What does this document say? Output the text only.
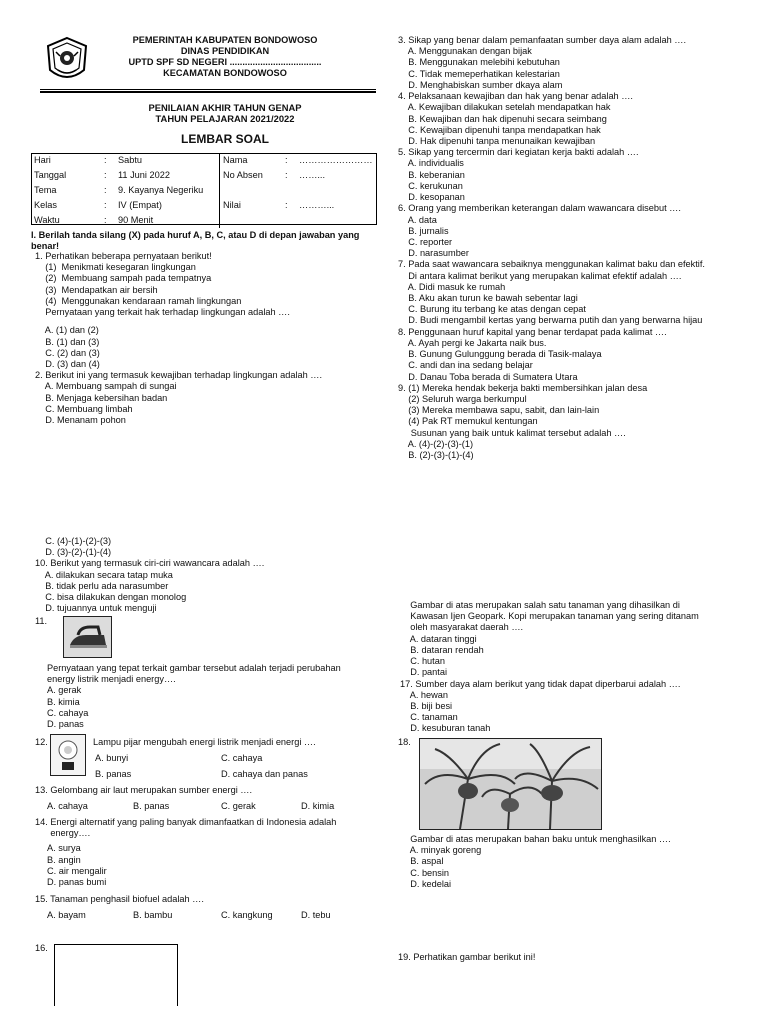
PEMERINTAH KABUPATEN BONDOWOSO
DINAS PENDIDIKAN
UPTD SPF SD NEGERI ....................................
KECAMATAN BONDOWOSO
PENILAIAN AKHIR TAHUN GENAP
TAHUN PELAJARAN 2021/2022
LEMBAR SOAL
Hari	:	Sabtu	Nama	:	……………………
Tanggal	:	11 Juni 2022	No Absen	:	……...
Tema	:	9. Kayanya Negeriku			
Kelas	:	IV (Empat)	Nilai	:	………...
Waktu	:	90 Menit			
I. Berilah tanda silang (X) pada huruf A, B, C, atau D di depan jawaban yang benar!
1. Perhatikan beberapa pernyataan berikut!
(1)  Menikmati kesegaran lingkungan
(2)  Membuang sampah pada tempatnya
(3)  Mendapatkan air bersih
(4)  Menggunakan kendaraan ramah lingkungan
Pernyataan yang terkait hak terhadap lingkungan adalah ….
A. (1) dan (2)
B. (1) dan (3)
C. (2) dan (3)
D. (3) dan (4)
2. Berikut ini yang termasuk kewajiban terhadap lingkungan adalah ….
A. Membuang sampah di sungai
B. Menjaga kebersihan badan
C. Membuang limbah
D. Menanam pohon
C. (4)-(1)-(2)-(3)
D. (3)-(2)-(1)-(4)
10. Berikut yang termasuk ciri-ciri wawancara adalah ….
A. dilakukan secara tatap muka
B. tidak perlu ada narasumber
C. bisa dilakukan dengan monolog
D. tujuannya untuk menguji
11.
Pernyataan yang tepat terkait gambar tersebut adalah terjadi perubahan
energy listrik menjadi energy….
A. gerak
B. kimia
C. cahaya
D. panas
12.	Lampu pijar mengubah energi listrik menjadi energi ….
A. bunyi	C. cahaya
B. panas	D. cahaya dan panas
13. Gelombang air laut merupakan sumber energi ….
A. cahaya	B. panas	C. gerak	D. kimia
14. Energi alternatif yang paling banyak dimanfaatkan di Indonesia adalah
energy….
A. surya
B. angin
C. air mengalir
D. panas bumi
15. Tanaman penghasil biofuel adalah ….
A. bayam	B. bambu	C. kangkung	D. tebu
16.
3. Sikap yang benar dalam pemanfaatan sumber daya alam adalah ….
A. Menggunakan dengan bijak
B. Menggunakan melebihi kebutuhan
C. Tidak memeperhatikan kelestarian
D. Menghabiskan sumber dkaya alam
4. Pelaksanaan kewajiban dan hak yang benar adalah ….
A. Kewajiban dilakukan setelah mendapatkan hak
B. Kewajiban dan hak dipenuhi secara seimbang
C. Kewajiban dipenuhi tanpa mendapatkan hak
D. Hak dipenuhi tanpa menunaikan kewajiban
5. Sikap yang tercermin dari kegiatan kerja bakti adalah ….
A. individualis
B. keberanian
C. kerukunan
D. kesopanan
6. Orang yang memberikan keterangan dalam wawancara disebut ….
A. data
B. jurnalis
C. reporter
D. narasumber
7. Pada saat wawancara sebaiknya menggunakan kalimat baku dan efektif.
Di antara kalimat berikut yang merupakan kalimat efektif adalah ….
A. Didi masuk ke rumah
B. Aku akan turun ke bawah sebentar lagi
C. Burung itu terbang ke atas dengan cepat
D. Budi mengambil kertas yang berwarna putih dan yang berwarna hijau
8. Penggunaan huruf kapital yang benar terdapat pada kalimat ….
A. Ayah pergi ke Jakarta naik bus.
B. Gunung Gulunggung berada di Tasik-malaya
C. andi dan ina sedang belajar
D. Danau Toba berada di Sumatera Utara
9. (1) Mereka hendak bekerja bakti membersihkan jalan desa
(2) Seluruh warga berkumpul
(3) Mereka membawa sapu, sabit, dan lain-lain
(4) Pak RT memukul kentungan
Susunan yang baik untuk kalimat tersebut adalah ….
A. (4)-(2)-(3)-(1)
B. (2)-(3)-(1)-(4)
Gambar di atas merupakan salah satu tanaman yang dihasilkan di
Kawasan Ijen Geopark. Kopi merupakan tanaman yang sering ditanam
oleh masyarakat daerah ….
A. dataran tinggi
B. dataran rendah
C. hutan
D. pantai
17. Sumber daya alam berikut yang tidak dapat diperbarui adalah ….
A. hewan
B. biji besi
C. tanaman
D. kesuburan tanah
18.
Gambar di atas merupakan bahan baku untuk menghasilkan ….
A. minyak goreng
B. aspal
C. bensin
D. kedelai
19. Perhatikan gambar berikut ini!
